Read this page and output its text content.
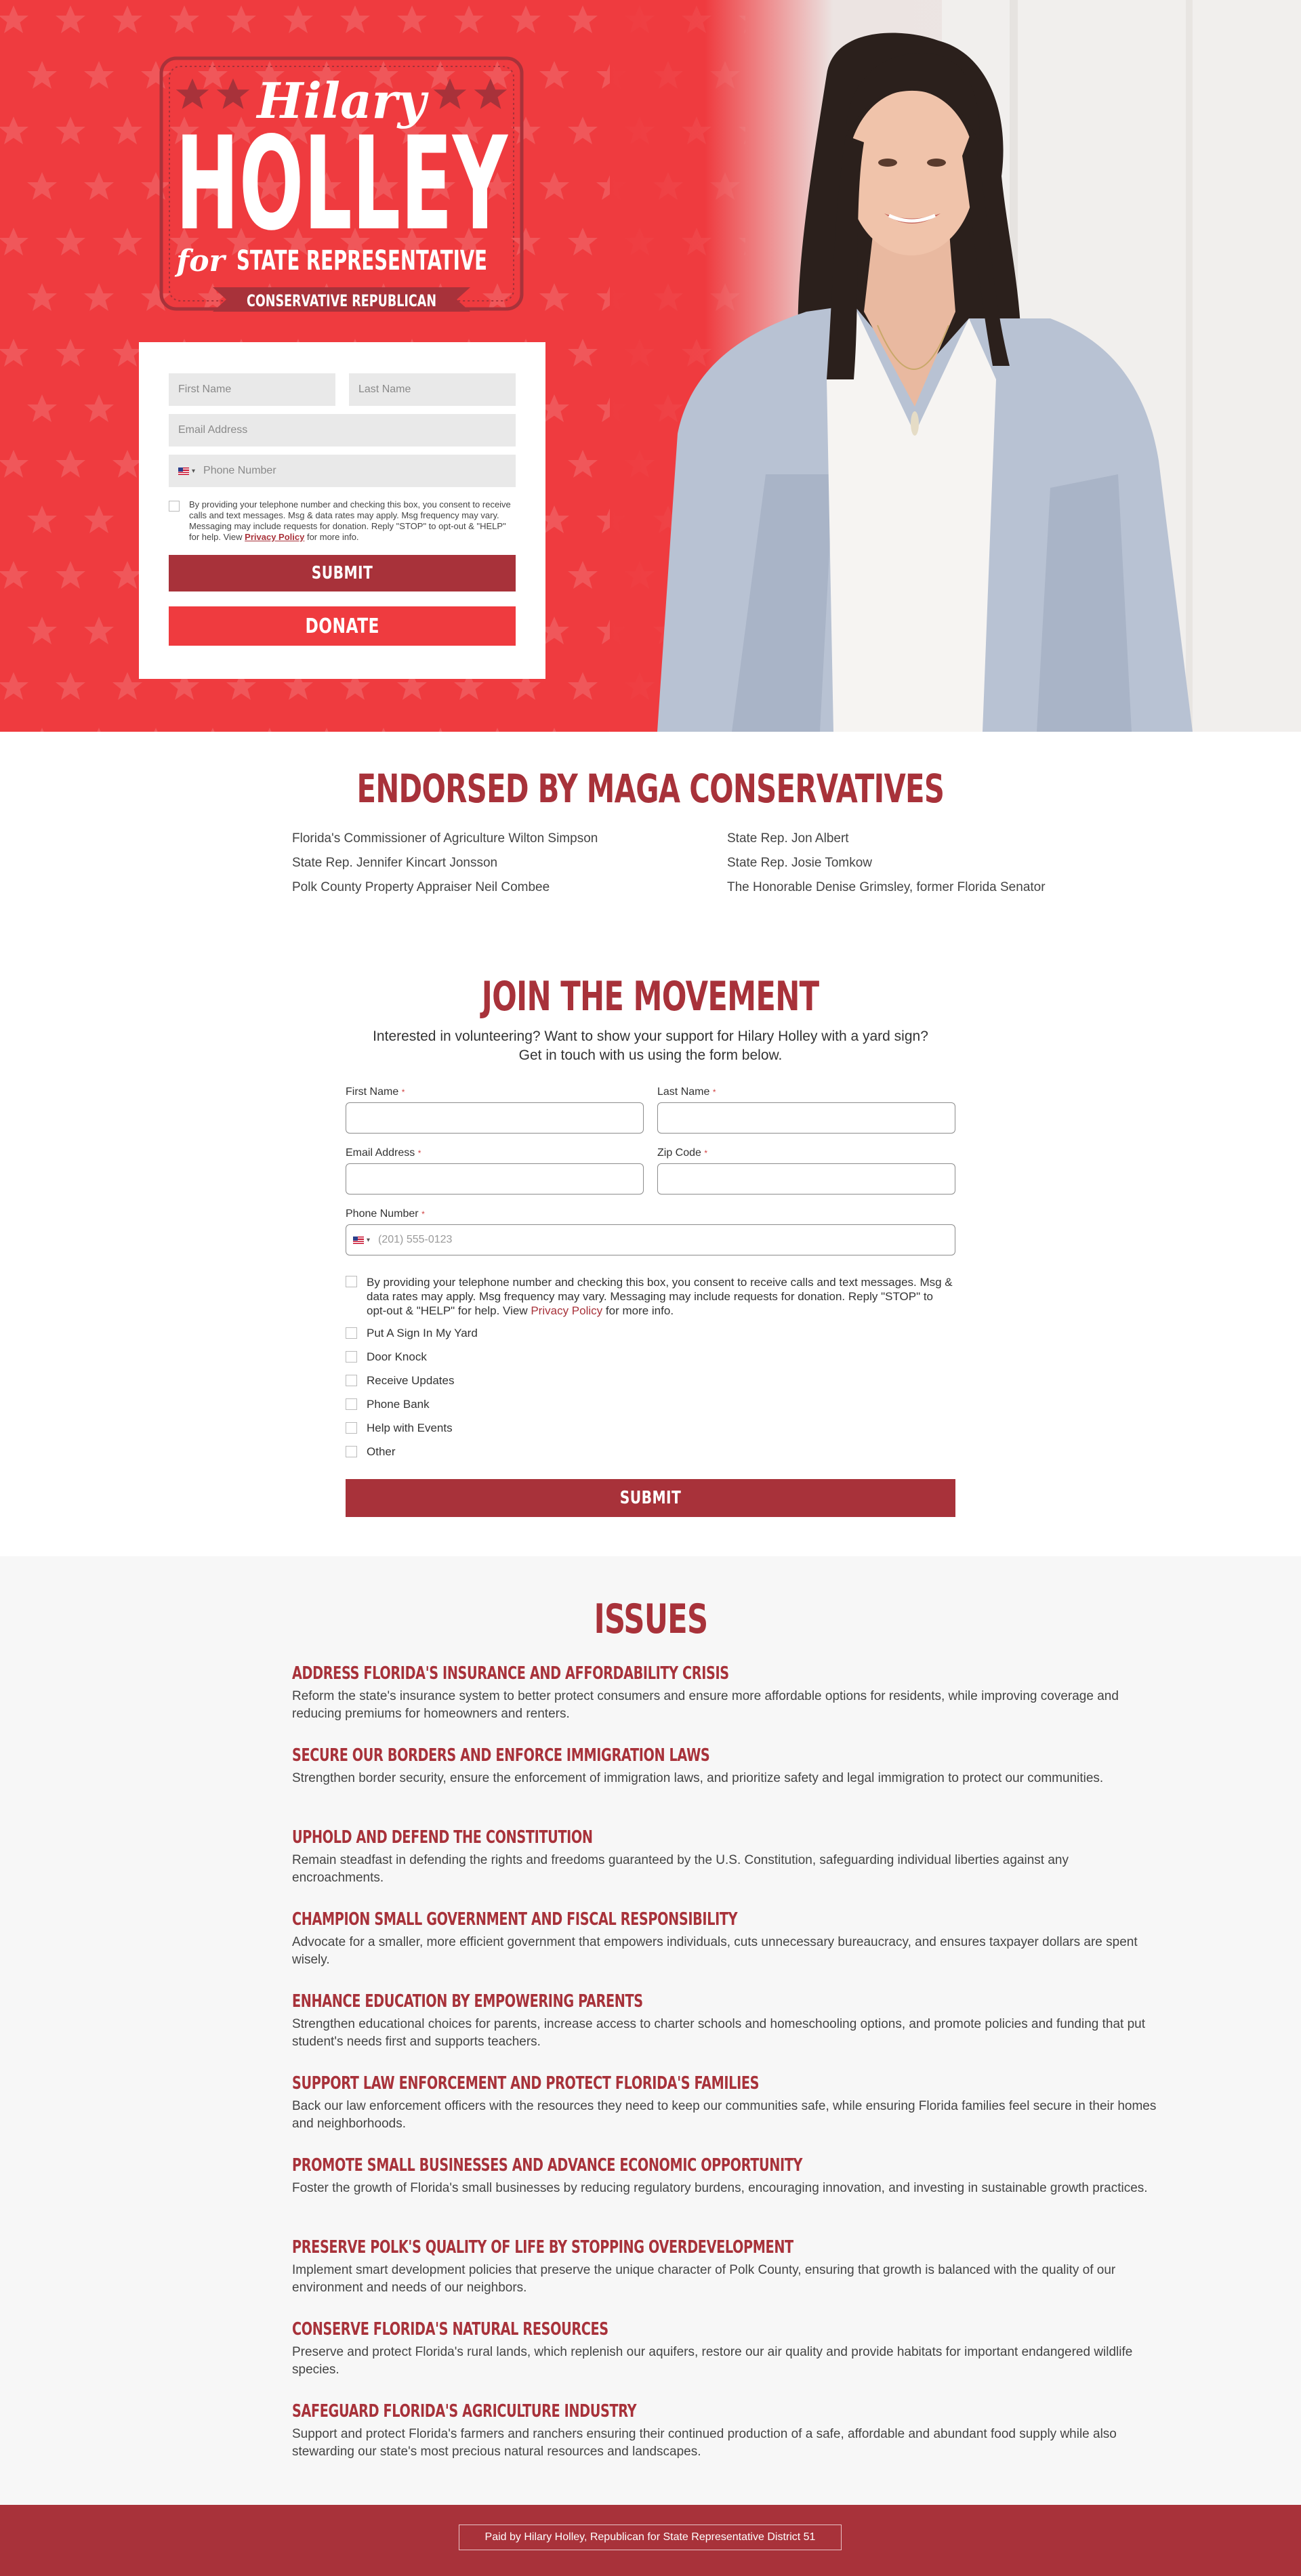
Hilary
HOLLEY
for STATE REPRESENTATIVE
CONSERVATIVE REPUBLICAN
First Name	Last Name
Email Address
▾ Phone Number
By providing your telephone number and checking this box, you consent to receive calls and text messages. Msg & data rates may apply. Msg frequency may vary. Messaging may include requests for donation. Reply "STOP" to opt-out & "HELP" for help. View Privacy Policy for more info.
SUBMIT
DONATE
ENDORSED BY MAGA CONSERVATIVES
Florida's Commissioner of Agriculture Wilton Simpson
State Rep. Jennifer Kincart Jonsson
Polk County Property Appraiser Neil Combee
State Rep. Jon Albert
State Rep. Josie Tomkow
The Honorable Denise Grimsley, former Florida Senator
JOIN THE MOVEMENT
Interested in volunteering? Want to show your support for Hilary Holley with a yard sign?
Get in touch with us using the form below.
First Name *	Last Name *
Email Address *	Zip Code *
Phone Number *
▾ (201) 555-0123
By providing your telephone number and checking this box, you consent to receive calls and text messages. Msg & data rates may apply. Msg frequency may vary. Messaging may include requests for donation. Reply "STOP" to opt-out & "HELP" for help. View Privacy Policy for more info.
Put A Sign In My Yard
Door Knock
Receive Updates
Phone Bank
Help with Events
Other
SUBMIT
ISSUES
ADDRESS FLORIDA'S INSURANCE AND AFFORDABILITY CRISIS
Reform the state's insurance system to better protect consumers and ensure more affordable options for residents, while improving coverage and reducing premiums for homeowners and renters.
SECURE OUR BORDERS AND ENFORCE IMMIGRATION LAWS
Strengthen border security, ensure the enforcement of immigration laws, and prioritize safety and legal immigration to protect our communities.
UPHOLD AND DEFEND THE CONSTITUTION
Remain steadfast in defending the rights and freedoms guaranteed by the U.S. Constitution, safeguarding individual liberties against any encroachments.
CHAMPION SMALL GOVERNMENT AND FISCAL RESPONSIBILITY
Advocate for a smaller, more efficient government that empowers individuals, cuts unnecessary bureaucracy, and ensures taxpayer dollars are spent wisely.
ENHANCE EDUCATION BY EMPOWERING PARENTS
Strengthen educational choices for parents, increase access to charter schools and homeschooling options, and promote policies and funding that put student's needs first and supports teachers.
SUPPORT LAW ENFORCEMENT AND PROTECT FLORIDA'S FAMILIES
Back our law enforcement officers with the resources they need to keep our communities safe, while ensuring Florida families feel secure in their homes and neighborhoods.
PROMOTE SMALL BUSINESSES AND ADVANCE ECONOMIC OPPORTUNITY
Foster the growth of Florida's small businesses by reducing regulatory burdens, encouraging innovation, and investing in sustainable growth practices.
PRESERVE POLK'S QUALITY OF LIFE BY STOPPING OVERDEVELOPMENT
Implement smart development policies that preserve the unique character of Polk County, ensuring that growth is balanced with the quality of our environment and needs of our neighbors.
CONSERVE FLORIDA'S NATURAL RESOURCES
Preserve and protect Florida's rural lands, which replenish our aquifers, restore our air quality and provide habitats for important endangered wildlife species.
SAFEGUARD FLORIDA'S AGRICULTURE INDUSTRY
Support and protect Florida's farmers and ranchers ensuring their continued production of a safe, affordable and abundant food supply while also stewarding our state's most precious natural resources and landscapes.
Paid by Hilary Holley, Republican for State Representative District 51
